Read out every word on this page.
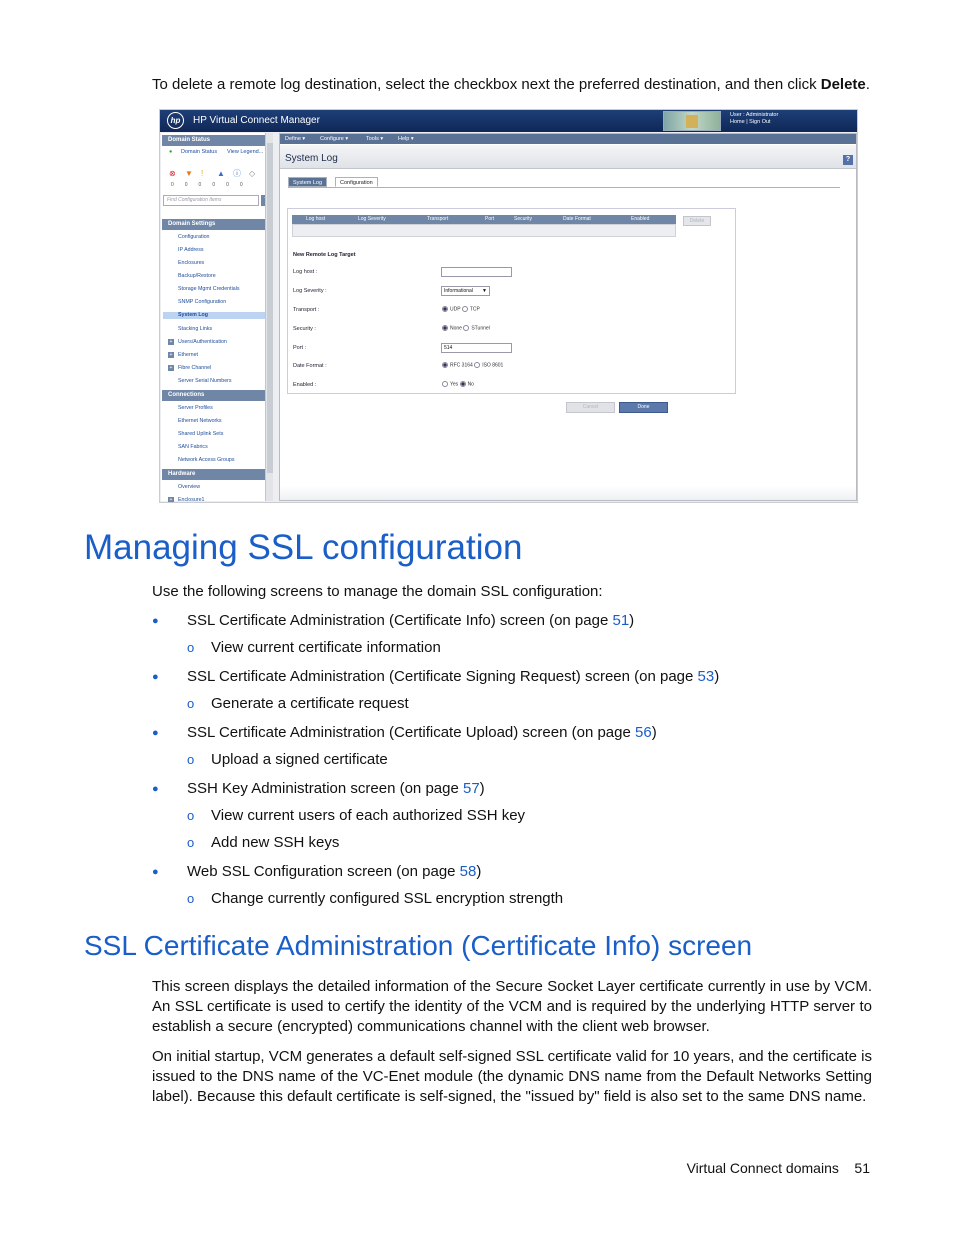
To delete a remote log destination, select the checkbox next the preferred destination, and then click Delete.
hp	HP Virtual Connect Manager	User : Administrator
Home | Sign Out
Domain Status
● Domain Status View Legend...
⊗ ▼ ! ▲ ⓘ ◇
000000
Find Configuration Items
Domain Settings
Configuration
IP Address
Enclosures
Backup/Restore
Storage Mgmt Credentials
SNMP Configuration
System Log
Stacking Links
+ Users/Authentication
+ Ethernet
+ Fibre Channel
Server Serial Numbers
Connections
Server Profiles
Ethernet Networks
Shared Uplink Sets
SAN Fabrics
Network Access Groups
Hardware
Overview
+ Enclosure1
Define ▾	Configure ▾	Tools ▾	Help ▾
System Log	?
System Log	Configuration
Log host	Log Severity	Transport	Port	Security	Date Format	Enabled	Delete
New Remote Log Target
Log host :
Log Severity :	Informational ▼
Transport :	UDP TCP
Security :	None STunnel
Port :	514
Date Format :	RFC 3164 ISO 8601
Enabled :	Yes No
Cancel	Done
Managing SSL configuration
Use the following screens to manage the domain SSL configuration:
● SSL Certificate Administration (Certificate Info) screen (on page 51)
o View current certificate information
● SSL Certificate Administration (Certificate Signing Request) screen (on page 53)
o Generate a certificate request
● SSL Certificate Administration (Certificate Upload) screen (on page 56)
o Upload a signed certificate
● SSH Key Administration screen (on page 57)
o View current users of each authorized SSH key
o Add new SSH keys
● Web SSL Configuration screen (on page 58)
o Change currently configured SSL encryption strength
SSL Certificate Administration (Certificate Info) screen
This screen displays the detailed information of the Secure Socket Layer certificate currently in use by VCM. An SSL certificate is used to certify the identity of the VCM and is required by the underlying HTTP server to establish a secure (encrypted) communications channel with the client web browser.
On initial startup, VCM generates a default self-signed SSL certificate valid for 10 years, and the certificate is issued to the DNS name of the VC-Enet module (the dynamic DNS name from the Default Networks Setting label). Because this default certificate is self-signed, the "issued by" field is also set to the same DNS name.
Virtual Connect domains 51
